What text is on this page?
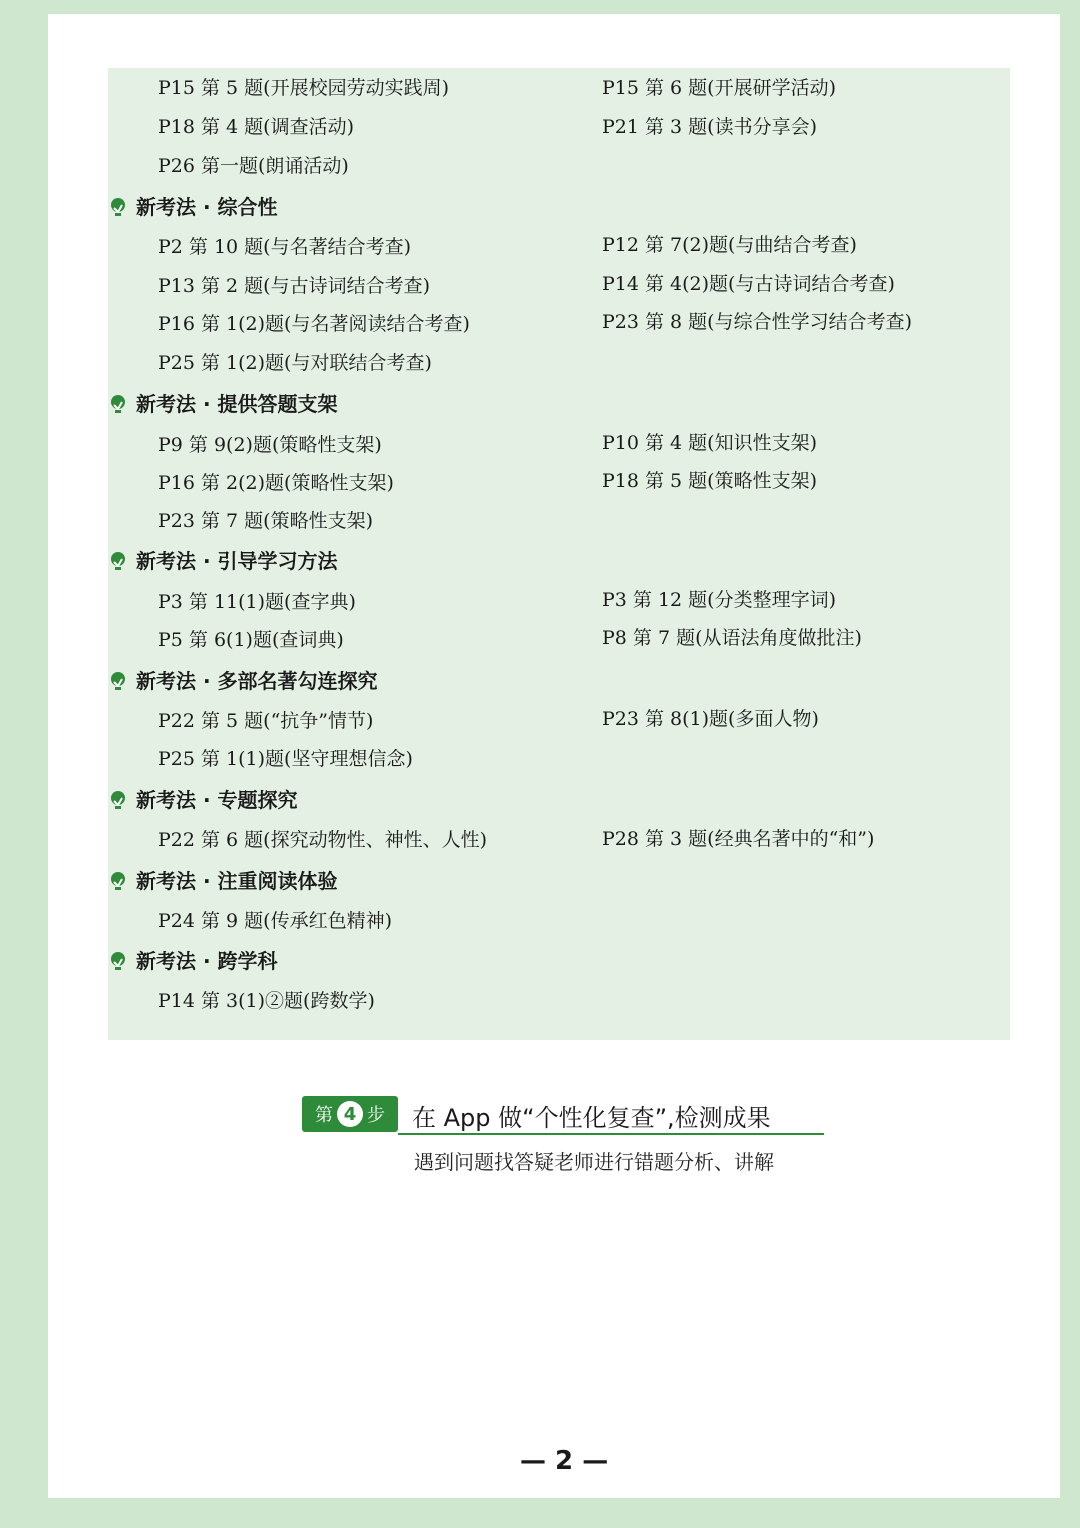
P15 第 5 题(开展校园劳动实践周)	P15 第 6 题(开展研学活动)
P18 第 4 题(调查活动)	P21 第 3 题(读书分享会)
P26 第一题(朗诵活动)
新考法 · 综合性
P2 第 10 题(与名著结合考查)	P12 第 7(2)题(与曲结合考查)
P13 第 2 题(与古诗词结合考查)	P14 第 4(2)题(与古诗词结合考查)
P16 第 1(2)题(与名著阅读结合考查)	P23 第 8 题(与综合性学习结合考查)
P25 第 1(2)题(与对联结合考查)
新考法 · 提供答题支架
P9 第 9(2)题(策略性支架)	P10 第 4 题(知识性支架)
P16 第 2(2)题(策略性支架)	P18 第 5 题(策略性支架)
P23 第 7 题(策略性支架)
新考法 · 引导学习方法
P3 第 11(1)题(查字典)	P3 第 12 题(分类整理字词)
P5 第 6(1)题(查词典)	P8 第 7 题(从语法角度做批注)
新考法 · 多部名著勾连探究
P22 第 5 题(“抗争”情节)	P23 第 8(1)题(多面人物)
P25 第 1(1)题(坚守理想信念)
新考法 · 专题探究
P22 第 6 题(探究动物性、神性、人性)	P28 第 3 题(经典名著中的“和”)
新考法 · 注重阅读体验
P24 第 9 题(传承红色精神)
新考法 · 跨学科
P14 第 3(1)②题(跨数学)
第 4 步 在 App 做“个性化复查”,检测成果
遇到问题找答疑老师进行错题分析、讲解
— 2 —
